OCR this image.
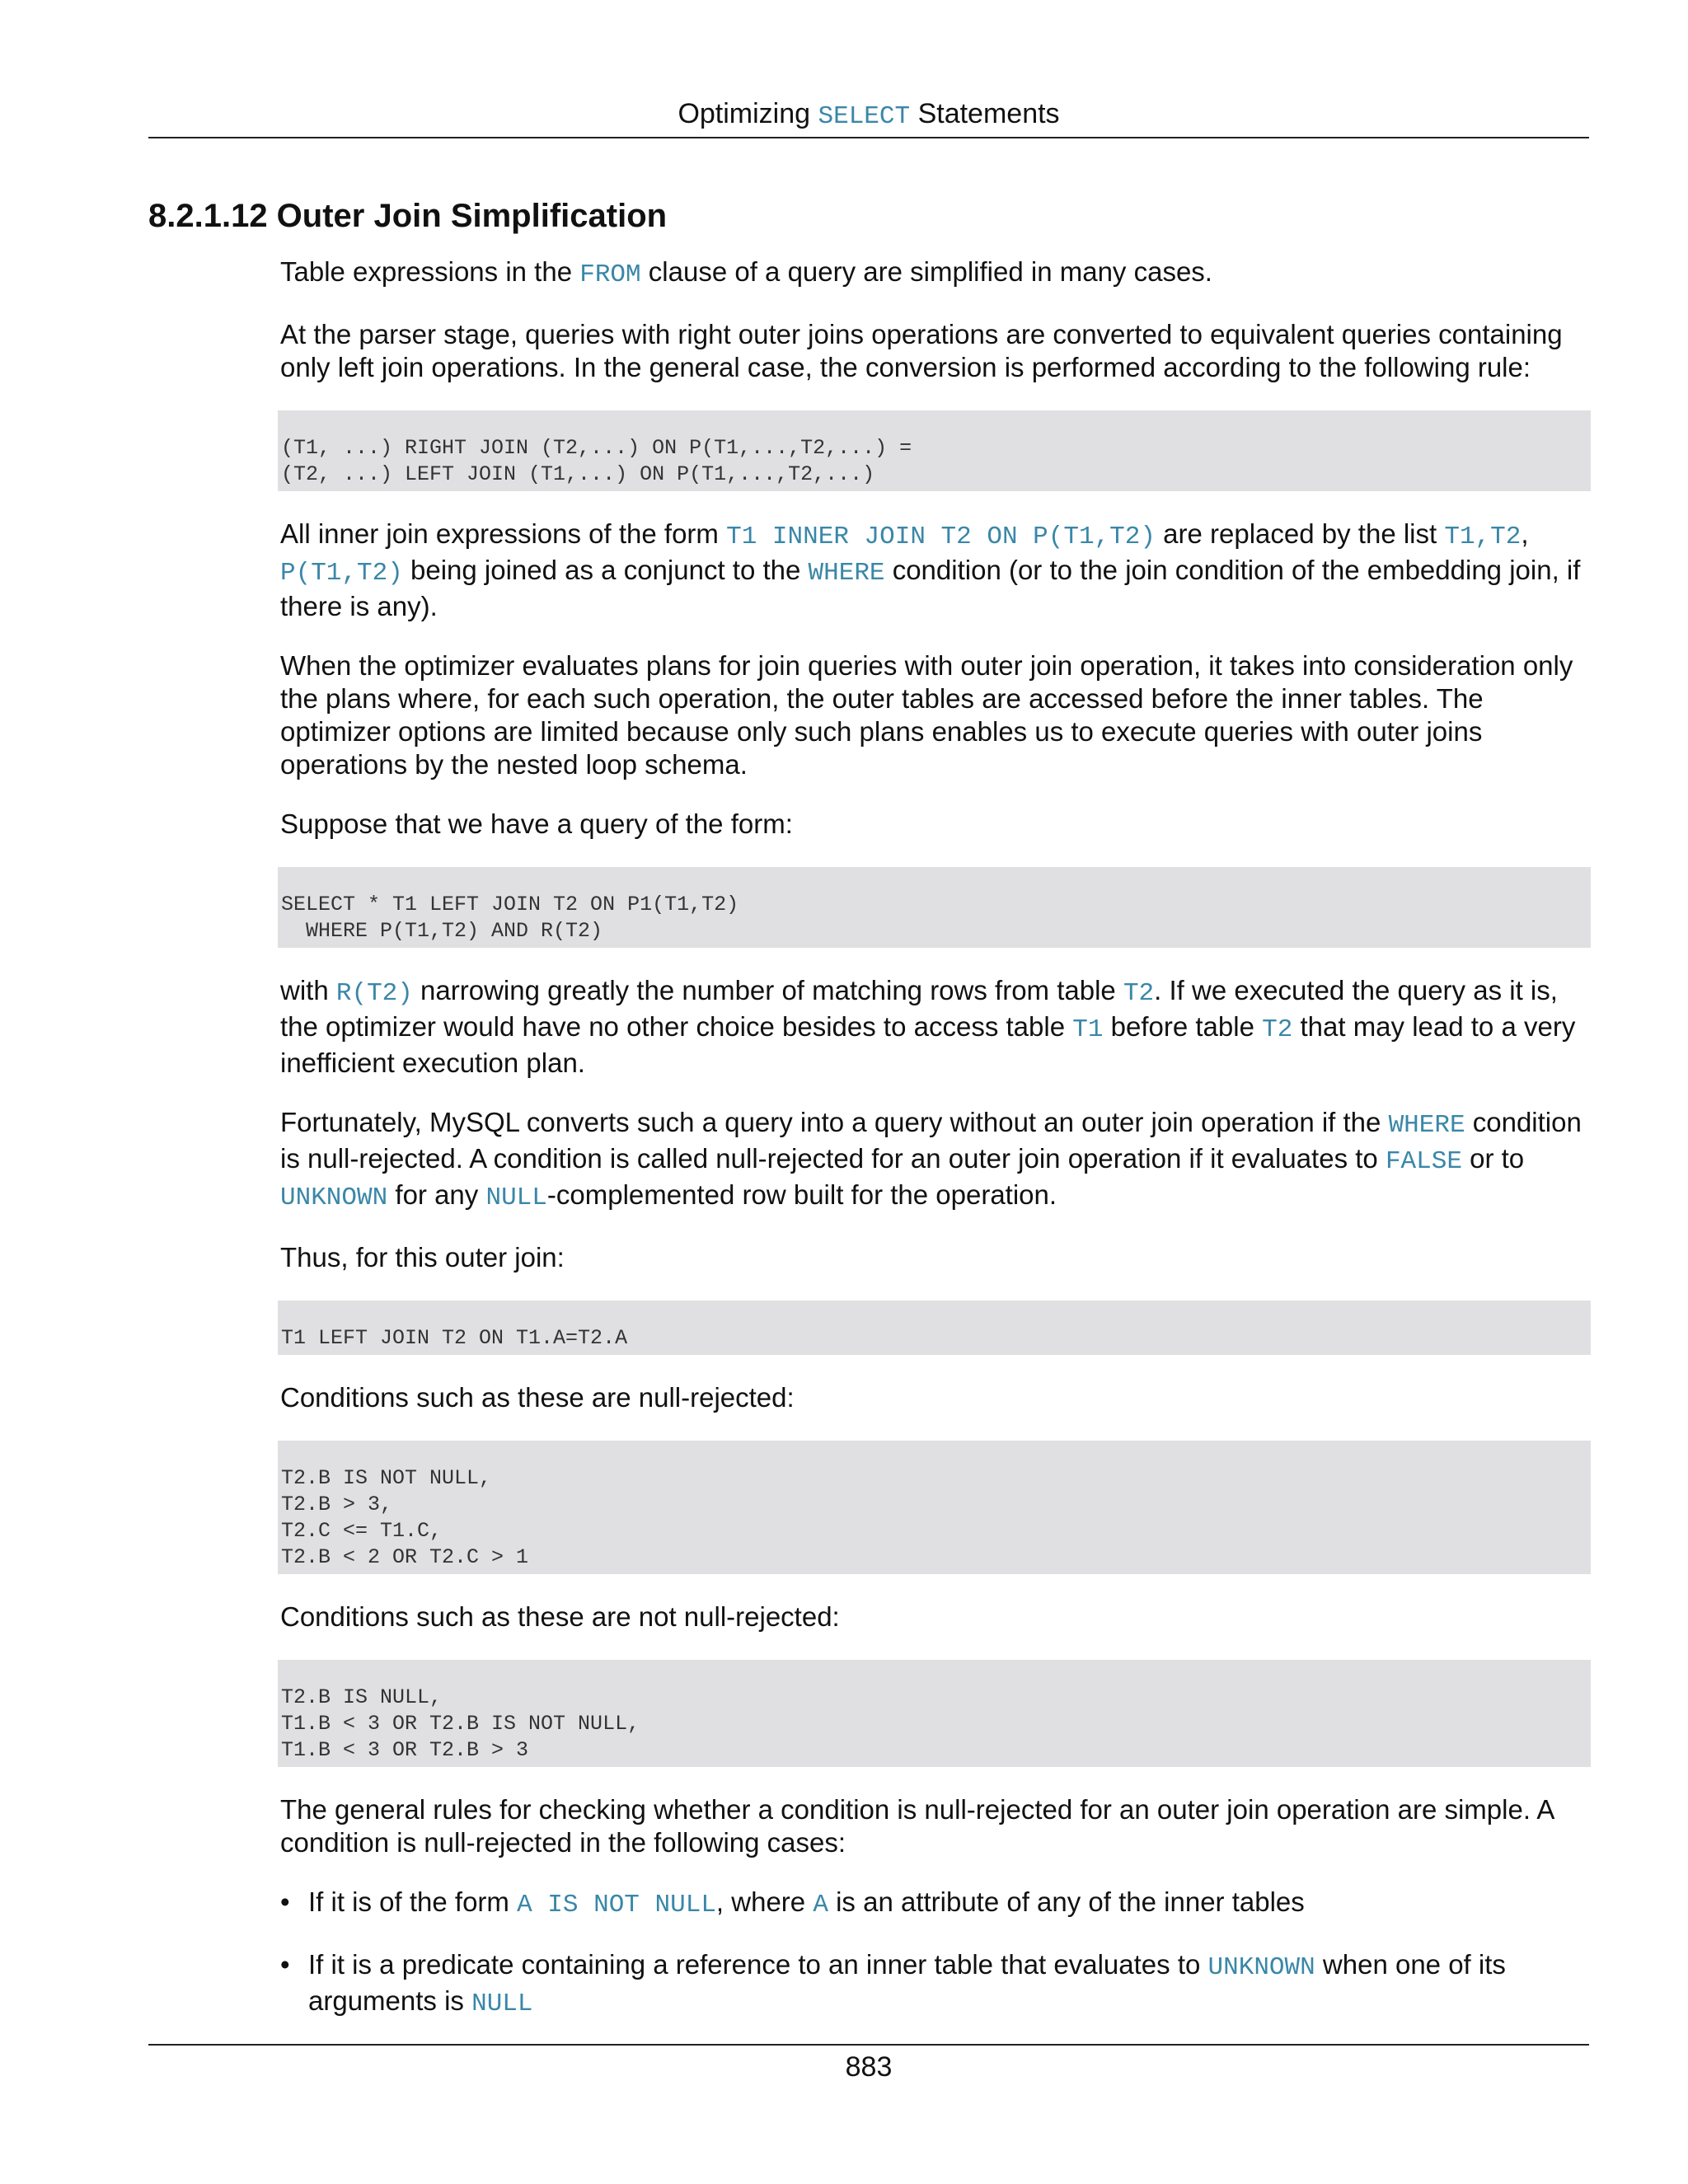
Optimizing SELECT Statements
8.2.1.12 Outer Join Simplification

Table expressions in the FROM clause of a query are simplified in many cases.

At the parser stage, queries with right outer joins operations are converted to equivalent queries containing only left join operations. In the general case, the conversion is performed according to the following rule:

(T1, ...) RIGHT JOIN (T2,...) ON P(T1,...,T2,...) =
(T2, ...) LEFT JOIN (T1,...) ON P(T1,...,T2,...)

All inner join expressions of the form T1 INNER JOIN T2 ON P(T1,T2) are replaced by the list T1,T2, P(T1,T2) being joined as a conjunct to the WHERE condition (or to the join condition of the embedding join, if there is any).

When the optimizer evaluates plans for join queries with outer join operation, it takes into consideration only the plans where, for each such operation, the outer tables are accessed before the inner tables. The optimizer options are limited because only such plans enables us to execute queries with outer joins operations by the nested loop schema.

Suppose that we have a query of the form:

SELECT * T1 LEFT JOIN T2 ON P1(T1,T2)
WHERE P(T1,T2) AND R(T2)

with R(T2) narrowing greatly the number of matching rows from table T2. If we executed the query as it is, the optimizer would have no other choice besides to access table T1 before table T2 that may lead to a very inefficient execution plan.

Fortunately, MySQL converts such a query into a query without an outer join operation if the WHERE condition is null-rejected. A condition is called null-rejected for an outer join operation if it evaluates to FALSE or to UNKNOWN for any NULL-complemented row built for the operation.

Thus, for this outer join:

T1 LEFT JOIN T2 ON T1.A=T2.A

Conditions such as these are null-rejected:

T2.B IS NOT NULL,
T2.B > 3,
T2.C <= T1.C,
T2.B < 2 OR T2.C > 1

Conditions such as these are not null-rejected:

T2.B IS NULL,
T1.B < 3 OR T2.B IS NOT NULL,
T1.B < 3 OR T2.B > 3

The general rules for checking whether a condition is null-rejected for an outer join operation are simple. A condition is null-rejected in the following cases:

• If it is of the form A IS NOT NULL, where A is an attribute of any of the inner tables
• If it is a predicate containing a reference to an inner table that evaluates to UNKNOWN when one of its arguments is NULL
883
